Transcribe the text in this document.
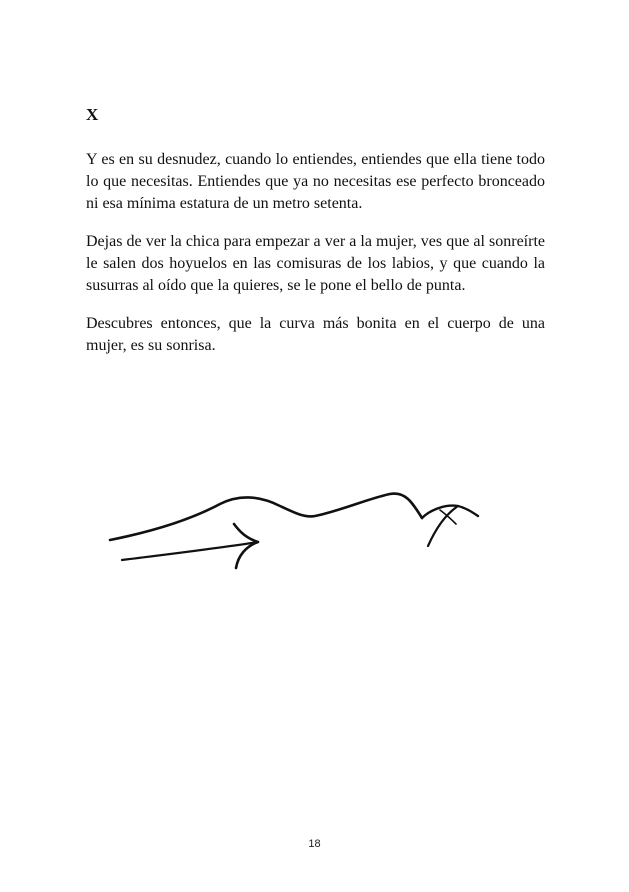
X

Y es en su desnudez, cuando lo entiendes, entiendes que ella tiene todo lo que necesitas. Entiendes que ya no necesitas ese perfecto bronceado ni esa mínima estatura de un metro setenta.

Dejas de ver la chica para empezar a ver a la mujer, ves que al sonreírte le salen dos hoyuelos en las comisuras de los labios, y que cuando la susurras al oído que la quieres, se le pone el bello de punta.

Descubres entonces, que la curva más bonita en el cuerpo de una mujer, es su sonrisa.

18
